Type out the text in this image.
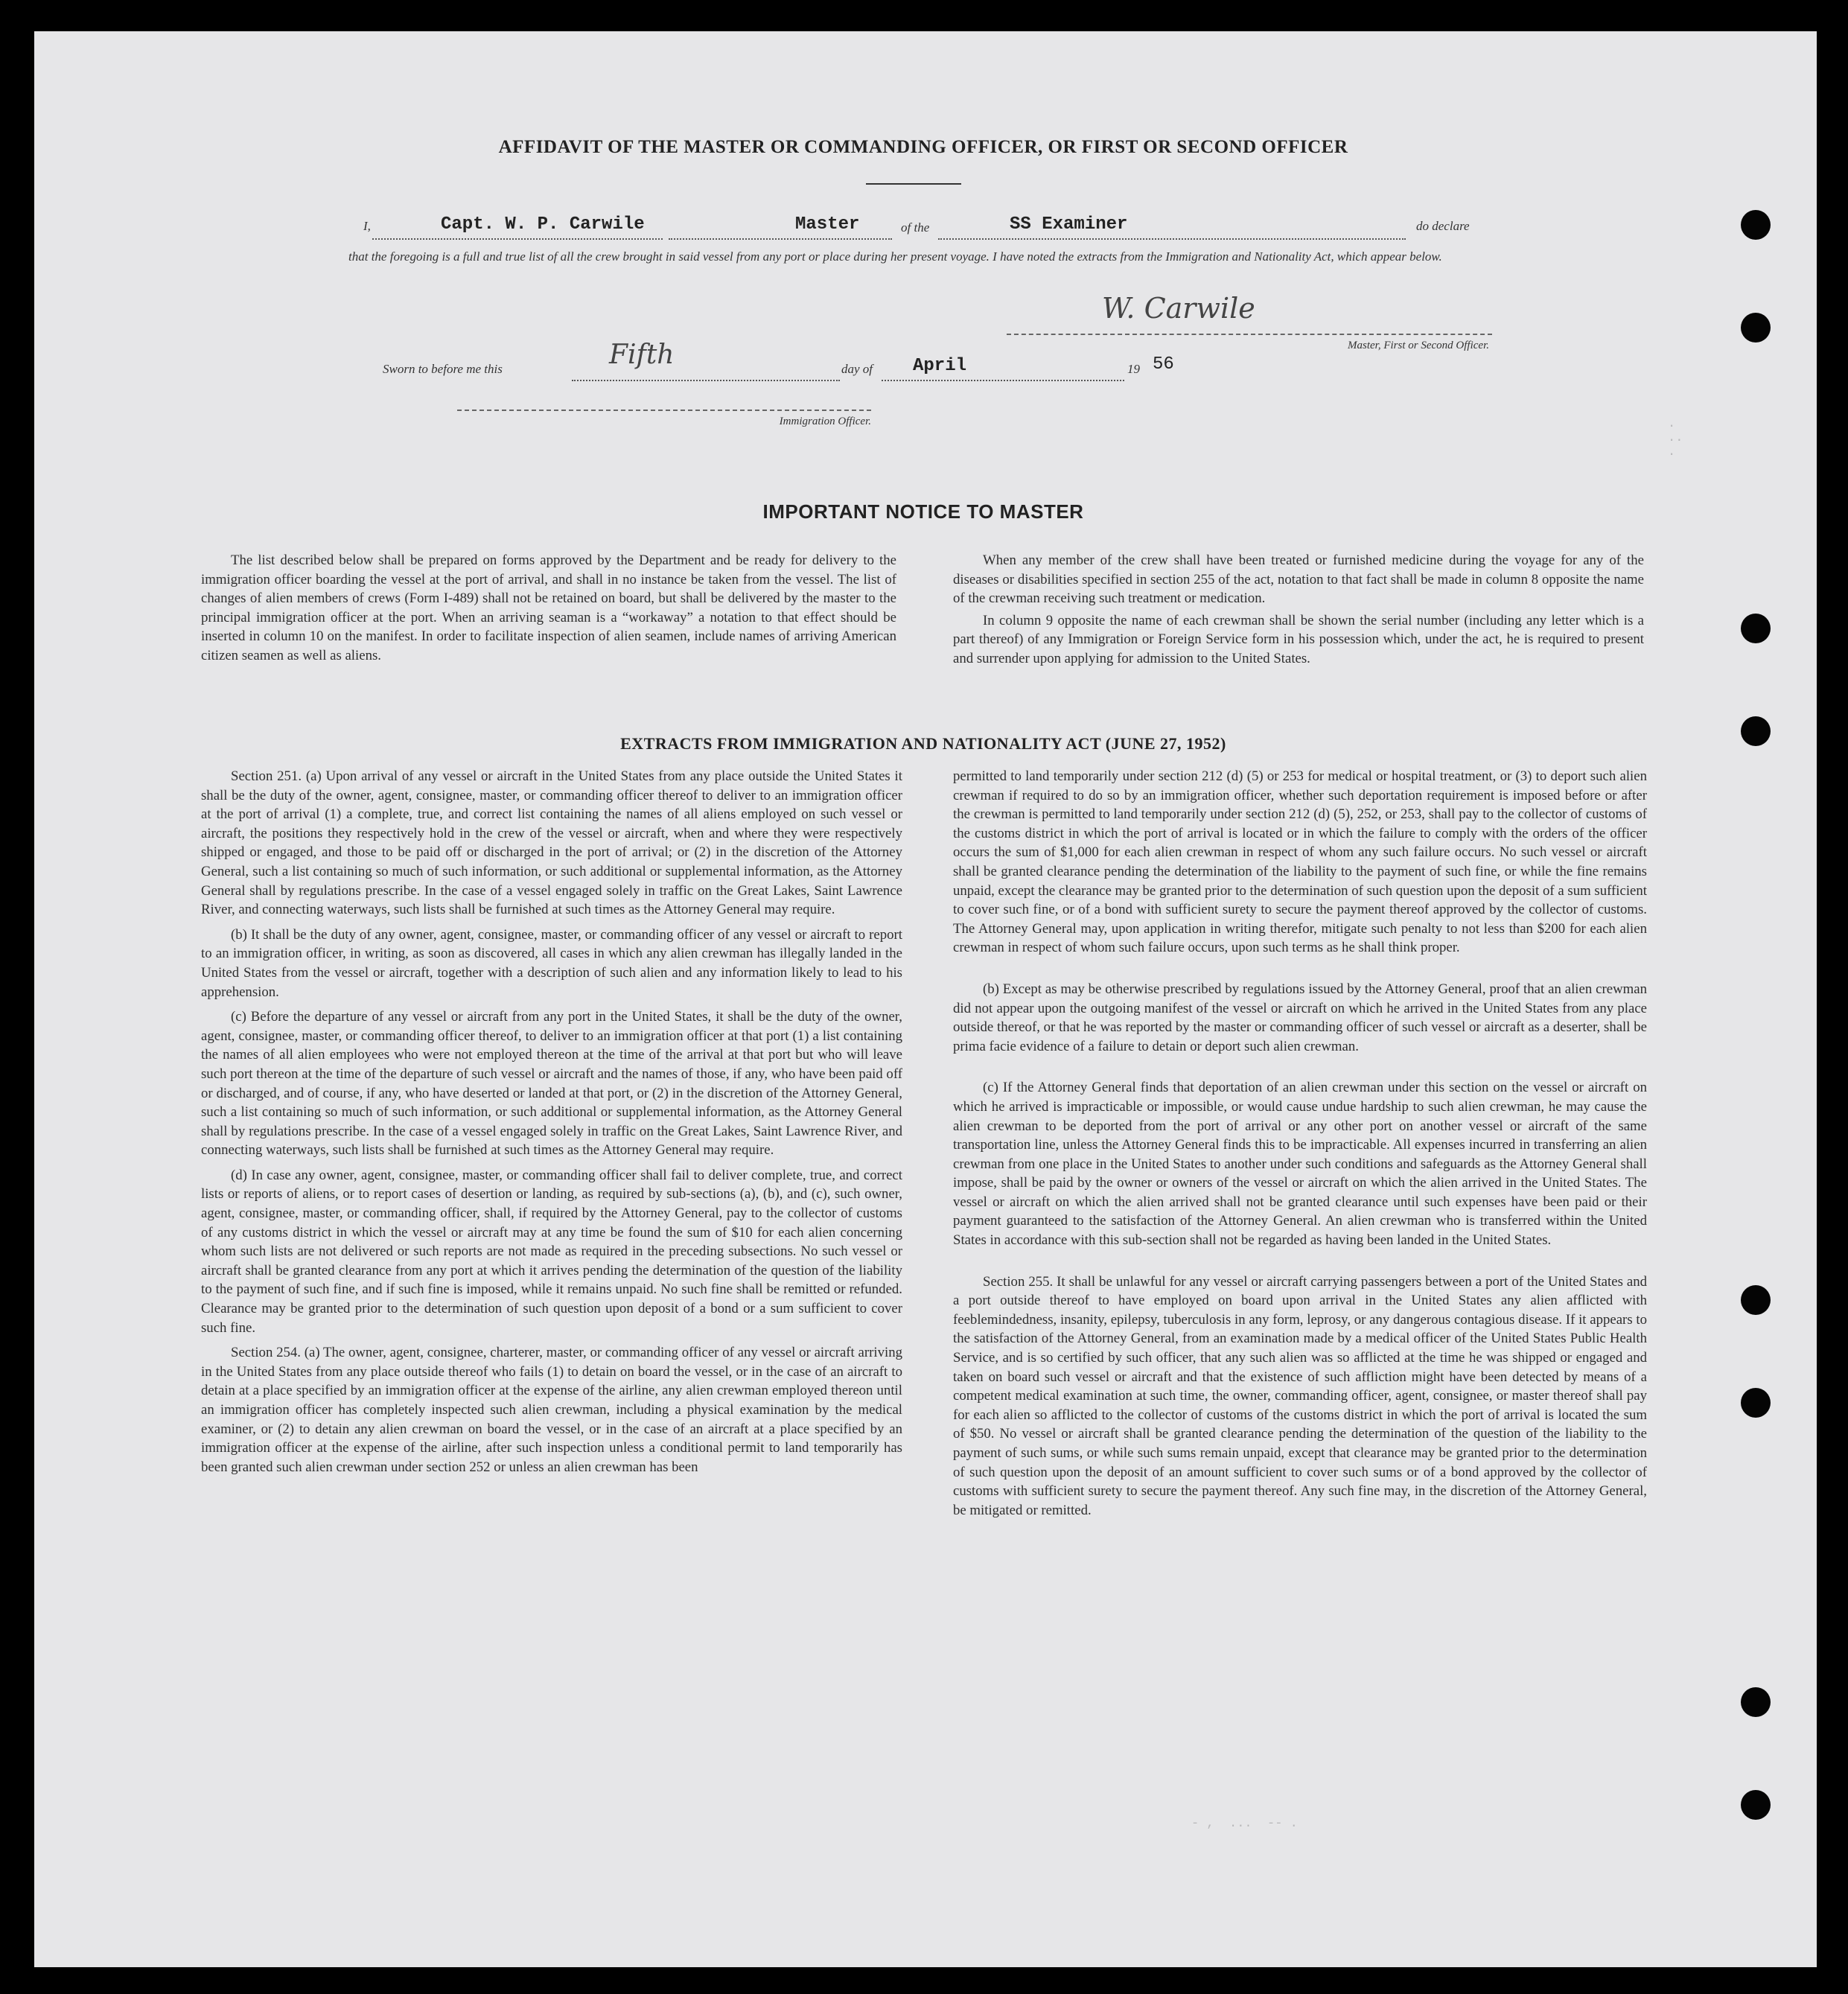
.
..
.
- ,  ...  -- .
AFFIDAVIT OF THE MASTER OR COMMANDING OFFICER, OR FIRST OR SECOND OFFICER
I,	Capt. W. P. Carwile	Master	of the	SS Examiner	do declare
that the foregoing is a full and true list of all the crew brought in said vessel from any port or place during her present voyage. I have noted the extracts from the Immigration and Nationality Act, which appear below.
W. Carwile
Master, First or Second Officer.
Sworn to before me this	Fifth	day of April	19 56
Immigration Officer.
IMPORTANT NOTICE TO MASTER

The list described below shall be prepared on forms approved by the Department and be ready for delivery to the immigration officer boarding the vessel at the port of arrival, and shall in no instance be taken from the vessel. The list of changes of alien members of crews (Form I-489) shall not be retained on board, but shall be delivered by the master to the principal immigration officer at the port. When an arriving seaman is a “workaway” a notation to that effect should be inserted in column 10 on the manifest. In order to facilitate inspection of alien seamen, include names of arriving American citizen seamen as well as aliens.

When any member of the crew shall have been treated or furnished medicine during the voyage for any of the diseases or disabilities specified in section 255 of the act, notation to that fact shall be made in column 8 opposite the name of the crewman receiving such treatment or medication.

In column 9 opposite the name of each crewman shall be shown the serial number (including any letter which is a part thereof) of any Immigration or Foreign Service form in his possession which, under the act, he is required to present and surrender upon applying for admission to the United States.

EXTRACTS FROM IMMIGRATION AND NATIONALITY ACT (JUNE 27, 1952)

Section 251. (a) Upon arrival of any vessel or aircraft in the United States from any place outside the United States it shall be the duty of the owner, agent, consignee, master, or commanding officer thereof to deliver to an immigration officer at the port of arrival (1) a complete, true, and correct list containing the names of all aliens employed on such vessel or aircraft, the positions they respectively hold in the crew of the vessel or aircraft, when and where they were respectively shipped or engaged, and those to be paid off or discharged in the port of arrival; or (2) in the discretion of the Attorney General, such a list containing so much of such information, or such additional or supplemental information, as the Attorney General shall by regulations prescribe. In the case of a vessel engaged solely in traffic on the Great Lakes, Saint Lawrence River, and connecting waterways, such lists shall be furnished at such times as the Attorney General may require.

(b) It shall be the duty of any owner, agent, consignee, master, or commanding officer of any vessel or aircraft to report to an immigration officer, in writing, as soon as discovered, all cases in which any alien crewman has illegally landed in the United States from the vessel or aircraft, together with a description of such alien and any information likely to lead to his apprehension.

(c) Before the departure of any vessel or aircraft from any port in the United States, it shall be the duty of the owner, agent, consignee, master, or commanding officer thereof, to deliver to an immigration officer at that port (1) a list containing the names of all alien employees who were not employed thereon at the time of the arrival at that port but who will leave such port thereon at the time of the departure of such vessel or aircraft and the names of those, if any, who have been paid off or discharged, and of course, if any, who have deserted or landed at that port, or (2) in the discretion of the Attorney General, such a list containing so much of such information, or such additional or supplemental information, as the Attorney General shall by regulations prescribe. In the case of a vessel engaged solely in traffic on the Great Lakes, Saint Lawrence River, and connecting waterways, such lists shall be furnished at such times as the Attorney General may require.

(d) In case any owner, agent, consignee, master, or commanding officer shall fail to deliver complete, true, and correct lists or reports of aliens, or to report cases of desertion or landing, as required by sub-sections (a), (b), and (c), such owner, agent, consignee, master, or commanding officer, shall, if required by the Attorney General, pay to the collector of customs of any customs district in which the vessel or aircraft may at any time be found the sum of $10 for each alien concerning whom such lists are not delivered or such reports are not made as required in the preceding subsections. No such vessel or aircraft shall be granted clearance from any port at which it arrives pending the determination of the question of the liability to the payment of such fine, and if such fine is imposed, while it remains unpaid. No such fine shall be remitted or refunded. Clearance may be granted prior to the determination of such question upon deposit of a bond or a sum sufficient to cover such fine.

Section 254. (a) The owner, agent, consignee, charterer, master, or commanding officer of any vessel or aircraft arriving in the United States from any place outside thereof who fails (1) to detain on board the vessel, or in the case of an aircraft to detain at a place specified by an immigration officer at the expense of the airline, any alien crewman employed thereon until an immigration officer has completely inspected such alien crewman, including a physical examination by the medical examiner, or (2) to detain any alien crewman on board the vessel, or in the case of an aircraft at a place specified by an immigration officer at the expense of the airline, after such inspection unless a conditional permit to land temporarily has been granted such alien crewman under section 252 or unless an alien crewman has been

permitted to land temporarily under section 212 (d) (5) or 253 for medical or hospital treatment, or (3) to deport such alien crewman if required to do so by an immigration officer, whether such deportation requirement is imposed before or after the crewman is permitted to land temporarily under section 212 (d) (5), 252, or 253, shall pay to the collector of customs of the customs district in which the port of arrival is located or in which the failure to comply with the orders of the officer occurs the sum of $1,000 for each alien crewman in respect of whom any such failure occurs. No such vessel or aircraft shall be granted clearance pending the determination of the liability to the payment of such fine, or while the fine remains unpaid, except the clearance may be granted prior to the determination of such question upon the deposit of a sum sufficient to cover such fine, or of a bond with sufficient surety to secure the payment thereof approved by the collector of customs. The Attorney General may, upon application in writing therefor, mitigate such penalty to not less than $200 for each alien crewman in respect of whom such failure occurs, upon such terms as he shall think proper.

(b) Except as may be otherwise prescribed by regulations issued by the Attorney General, proof that an alien crewman did not appear upon the outgoing manifest of the vessel or aircraft on which he arrived in the United States from any place outside thereof, or that he was reported by the master or commanding officer of such vessel or aircraft as a deserter, shall be prima facie evidence of a failure to detain or deport such alien crewman.

(c) If the Attorney General finds that deportation of an alien crewman under this section on the vessel or aircraft on which he arrived is impracticable or impossible, or would cause undue hardship to such alien crewman, he may cause the alien crewman to be deported from the port of arrival or any other port on another vessel or aircraft of the same transportation line, unless the Attorney General finds this to be impracticable. All expenses incurred in transferring an alien crewman from one place in the United States to another under such conditions and safeguards as the Attorney General shall impose, shall be paid by the owner or owners of the vessel or aircraft on which the alien arrived in the United States. The vessel or aircraft on which the alien arrived shall not be granted clearance until such expenses have been paid or their payment guaranteed to the satisfaction of the Attorney General. An alien crewman who is transferred within the United States in accordance with this sub-section shall not be regarded as having been landed in the United States.

Section 255. It shall be unlawful for any vessel or aircraft carrying passengers between a port of the United States and a port outside thereof to have employed on board upon arrival in the United States any alien afflicted with feeblemindedness, insanity, epilepsy, tuberculosis in any form, leprosy, or any dangerous contagious disease. If it appears to the satisfaction of the Attorney General, from an examination made by a medical officer of the United States Public Health Service, and is so certified by such officer, that any such alien was so afflicted at the time he was shipped or engaged and taken on board such vessel or aircraft and that the existence of such affliction might have been detected by means of a competent medical examination at such time, the owner, commanding officer, agent, consignee, or master thereof shall pay for each alien so afflicted to the collector of customs of the customs district in which the port of arrival is located the sum of $50. No vessel or aircraft shall be granted clearance pending the determination of the question of the liability to the payment of such sums, or while such sums remain unpaid, except that clearance may be granted prior to the determination of such question upon the deposit of an amount sufficient to cover such sums or of a bond approved by the collector of customs with sufficient surety to secure the payment thereof. Any such fine may, in the discretion of the Attorney General, be mitigated or remitted.
